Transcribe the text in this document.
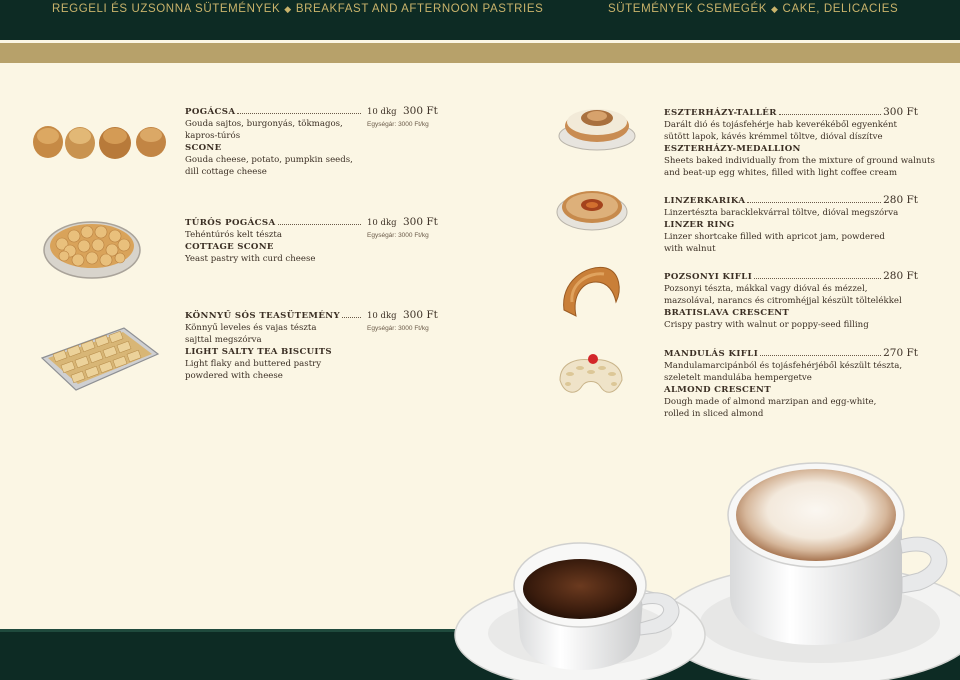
REGGELI ÉS UZSONNA SÜTEMÉNYEK ◆ BREAKFAST AND AFTERNOON PASTRIES	SÜTEMÉNYEK CSEMEGÉK ◆ CAKE, DELICACIES
POGÁCSA
Gouda sajtos, burgonyás, tökmagos,
kapros-túrós
SCONE
Gouda cheese, potato, pumpkin seeds,
dill cottage cheese
10 dkg 300 Ft
Egységár: 3000 Ft/kg
TÚRÓS POGÁCSA
Tehéntúrós kelt tészta
COTTAGE SCONE
Yeast pastry with curd cheese
10 dkg 300 Ft
Egységár: 3000 Ft/kg
KÖNNYŰ SÓS TEASÜTEMÉNY
Könnyű leveles és vajas tészta
sajttal megszórva
LIGHT SALTY TEA BISCUITS
Light flaky and buttered pastry
powdered with cheese
10 dkg 300 Ft
Egységár: 3000 Ft/kg
ESZTERHÁZY-TALLÉR	300 Ft
Darált dió és tojásfehérje hab keverékéből egyenként
sütött lapok, kávés krémmel töltve, dióval díszítve
ESZTERHÁZY-MEDALLION
Sheets baked individually from the mixture of ground walnuts
and beat-up egg whites, filled with light coffee cream
LINZERKARIKA	280 Ft
Linzertészta baracklekvárral töltve, dióval megszórva
LINZER RING
Linzer shortcake filled with apricot jam, powdered
with walnut
POZSONYI KIFLI	280 Ft
Pozsonyi tészta, mákkal vagy dióval és mézzel,
mazsolával, narancs és citromhéjjal készült töltelékkel
BRATISLAVA CRESCENT
Crispy pastry with walnut or poppy-seed filling
MANDULÁS KIFLI	270 Ft
Mandulamarcipánból és tojásfehérjéből készült tészta,
szeletelt mandulába hempergetve
ALMOND CRESCENT
Dough made of almond marzipan and egg-white,
rolled in sliced almond
